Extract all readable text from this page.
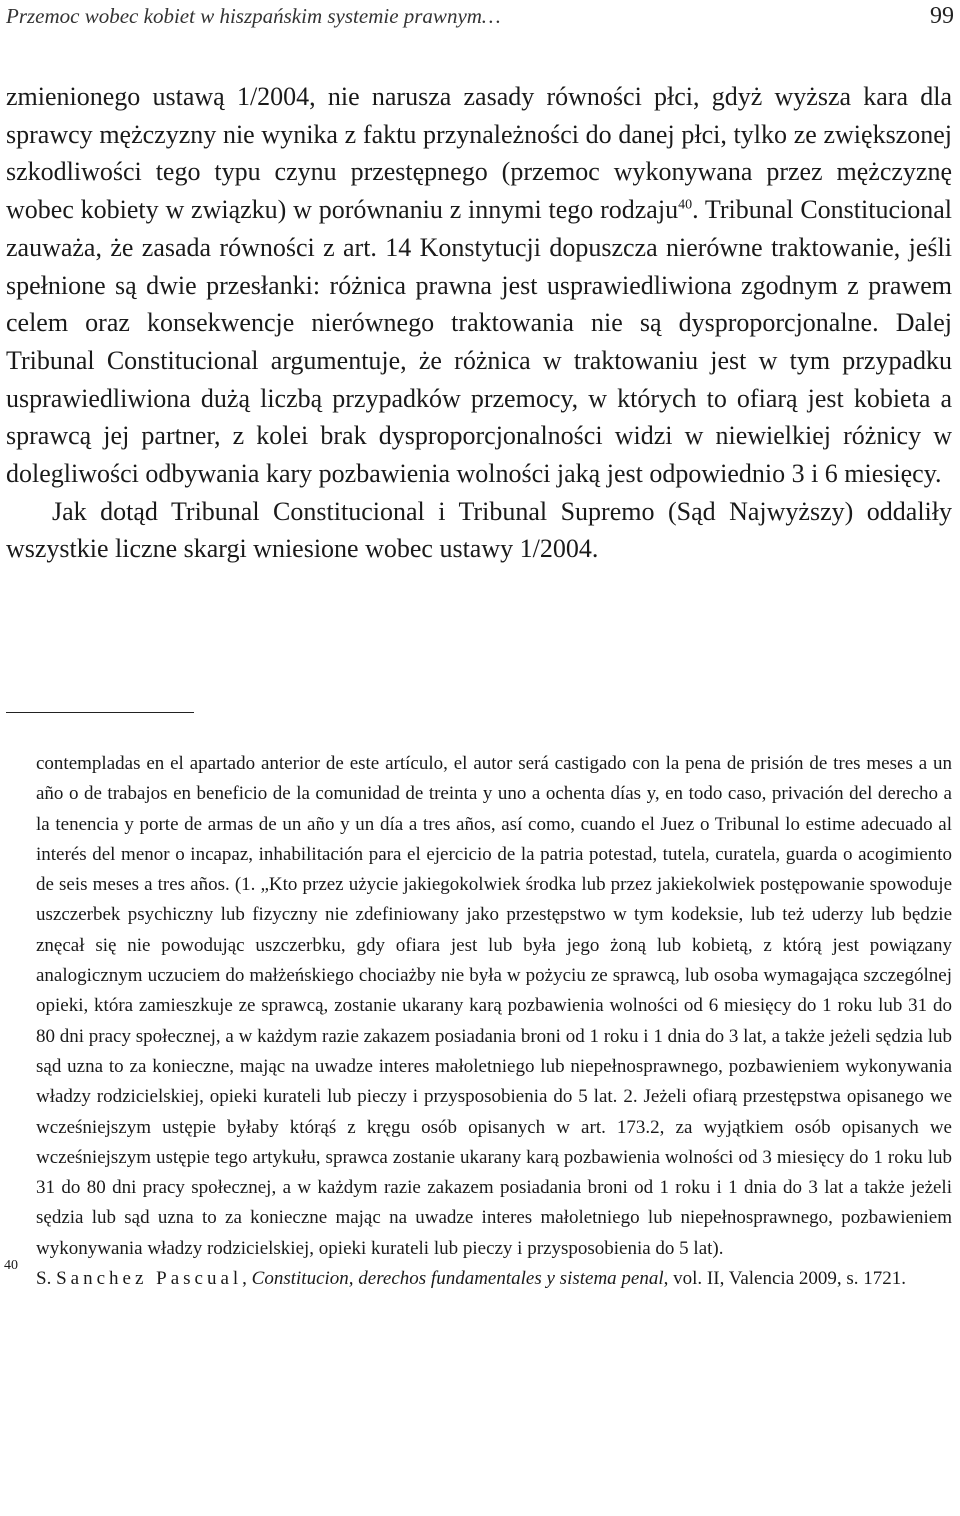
Przemoc wobec kobiet w hiszpańskim systemie prawnym…	99

zmienionego ustawą 1/2004, nie narusza zasady równości płci, gdyż wyższa kara dla sprawcy mężczyzny nie wynika z faktu przynależności do danej płci, tylko ze zwiększonej szkodliwości tego typu czynu przestępnego (przemoc wykonywana przez mężczyznę wobec kobiety w związku) w porównaniu z innymi tego rodzaju$^{40}$. Tribunal Constitucional zauważa, że zasada równości z art. 14 Konstytucji dopuszcza nierówne traktowanie, jeśli spełnione są dwie przesłanki: różnica prawna jest usprawiedliwiona zgodnym z prawem celem oraz konsekwencje nierównego traktowania nie są dysproporcjonalne. Dalej Tribunal Constitucional argumentuje, że różnica w traktowaniu jest w tym przypadku usprawiedliwiona dużą liczbą przypadków przemocy, w których to ofiarą jest kobieta a sprawcą jej partner, z kolei brak dysproporcjonalności widzi w niewielkiej różnicy w dolegliwości odbywania kary pozbawienia wolności jaką jest odpowiednio 3 i 6 miesięcy.

Jak dotąd Tribunal Constitucional i Tribunal Supremo (Sąd Najwyższy) oddaliły wszystkie liczne skargi wniesione wobec ustawy 1/2004.

contempladas en el apartado anterior de este artículo, el autor será castigado con la pena de prisión de tres meses a un año o de trabajos en beneficio de la comunidad de treinta y uno a ochenta días y, en todo caso, privación del derecho a la tenencia y porte de armas de un año y un día a tres años, así como, cuando el Juez o Tribunal lo estime adecuado al interés del menor o incapaz, inhabilitación para el ejercicio de la patria potestad, tutela, curatela, guarda o acogimiento de seis meses a tres años. (1. „Kto przez użycie jakiegokolwiek środka lub przez jakiekolwiek postępowanie spowoduje uszczerbek psychiczny lub fizyczny nie zdefiniowany jako przestępstwo w tym kodeksie, lub też uderzy lub będzie znęcał się nie powodując uszczerbku, gdy ofiara jest lub była jego żoną lub kobietą, z którą jest powiązany analogicznym uczuciem do małżeńskiego chociażby nie była w pożyciu ze sprawcą, lub osoba wymagająca szczególnej opieki, która zamieszkuje ze sprawcą, zostanie ukarany karą pozbawienia wolności od 6 miesięcy do 1 roku lub 31 do 80 dni pracy społecznej, a w każdym razie zakazem posiadania broni od 1 roku i 1 dnia do 3 lat, a także jeżeli sędzia lub sąd uzna to za konieczne, mając na uwadze interes małoletniego lub niepełnosprawnego, pozbawieniem wykonywania władzy rodzicielskiej, opieki kurateli lub pieczy i przysposobienia do 5 lat. 2. Jeżeli ofiarą przestępstwa opisanego we wcześniejszym ustępie byłaby którąś z kręgu osób opisanych w art. 173.2, za wyjątkiem osób opisanych we wcześniejszym ustępie tego artykułu, sprawca zostanie ukarany karą pozbawienia wolności od 3 miesięcy do 1 roku lub 31 do 80 dni pracy społecznej, a w każdym razie zakazem posiadania broni od 1 roku i 1 dnia do 3 lat a także jeżeli sędzia lub sąd uzna to za konieczne mając na uwadze interes małoletniego lub niepełnosprawnego, pozbawieniem wykonywania władzy rodzicielskiej, opieki kurateli lub pieczy i przysposobienia do 5 lat).

40
S. Sanchez Pascual, Constitucion, derechos fundamentales y sistema penal, vol. II, Valencia 2009, s. 1721.
